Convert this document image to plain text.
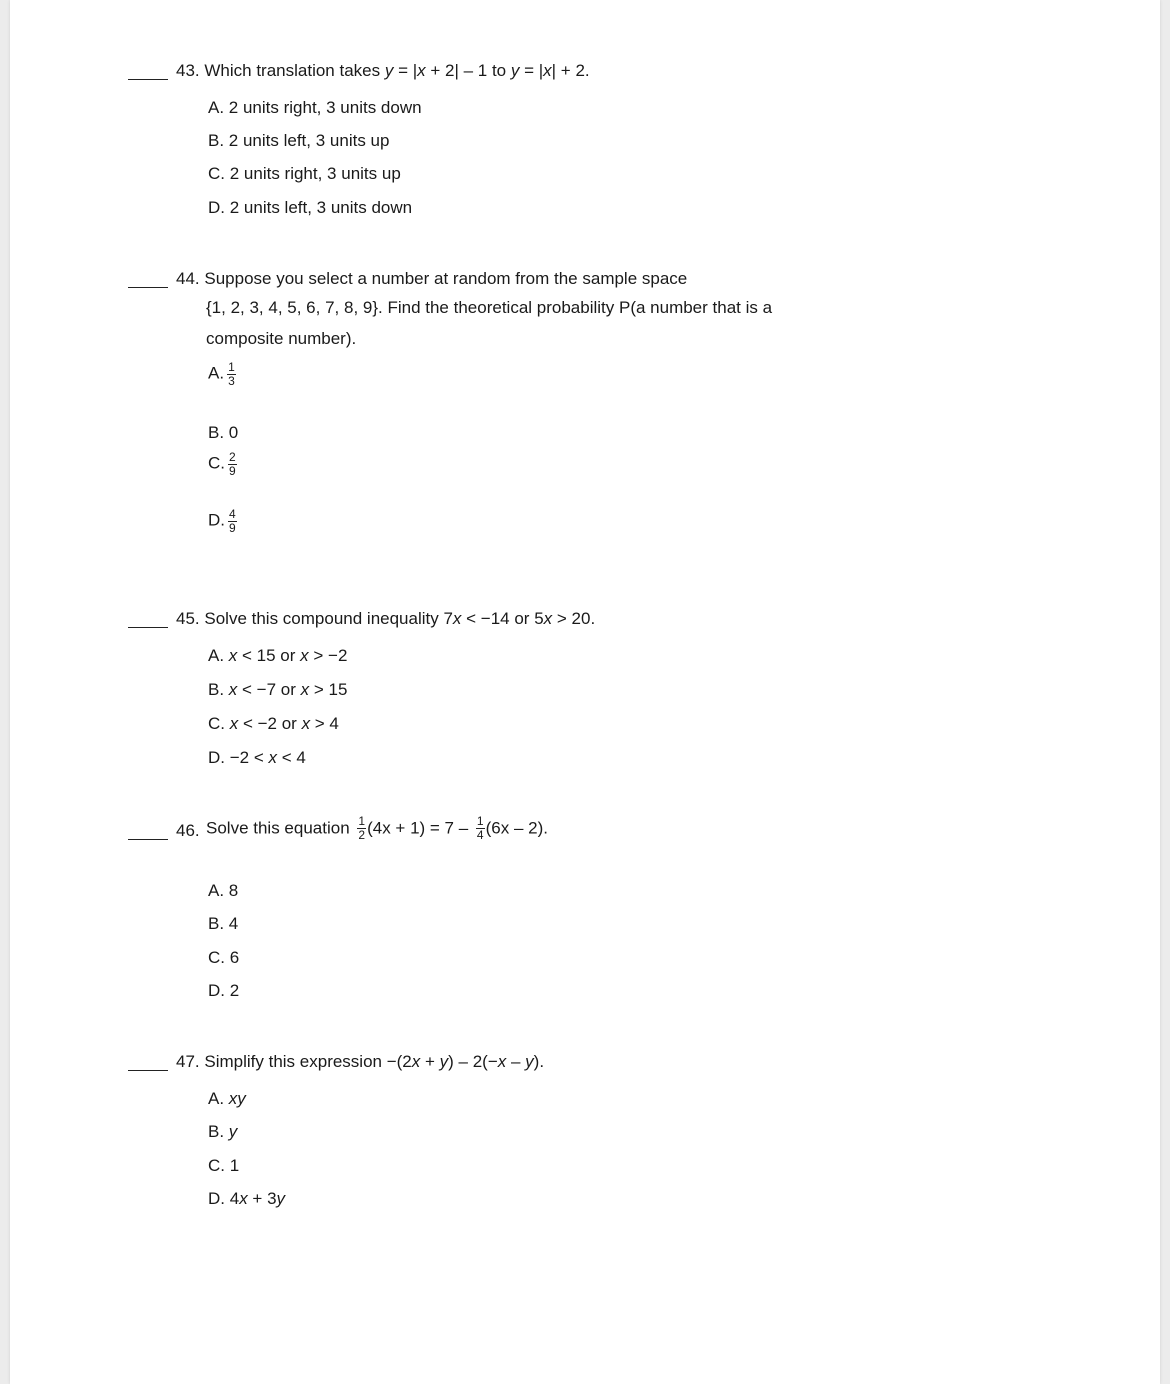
43. Which translation takes y = |x + 2| – 1 to y = |x| + 2.
A. 2 units right, 3 units down
B. 2 units left, 3 units up
C. 2 units right, 3 units up
D. 2 units left, 3 units down
44. Suppose you select a number at random from the sample space
{1, 2, 3, 4, 5, 6, 7, 8, 9}. Find the theoretical probability P(a number that is a
composite number).
A. $\frac{1}{3}$
B. 0
C. $\frac{2}{9}$
D. $\frac{4}{9}$
45. Solve this compound inequality 7x < −14 or 5x > 20.
A. x < 15 or x > −2
B. x < −7 or x > 15
C. x < −2 or x > 4
D. −2 < x < 4
46. Solve this equation $\frac{1}{2} (4x + 1) = 7 - \frac{1}{4} (6x - 2)$.
A. 8
B. 4
C. 6
D. 2
47. Simplify this expression −(2x + y) – 2(−x – y).
A. xy
B. y
C. 1
D. 4x + 3y
